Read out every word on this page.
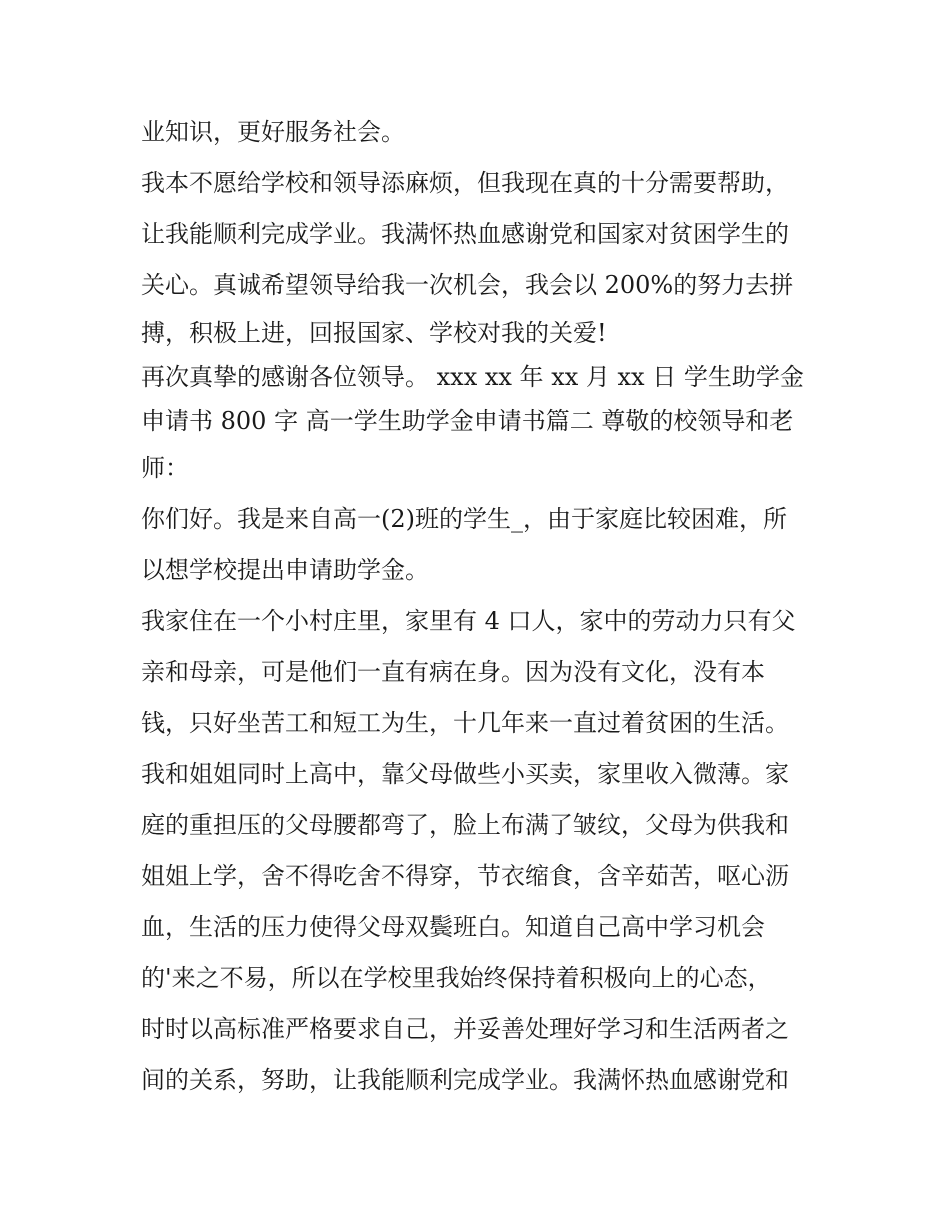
业知识，更好服务社会。
我本不愿给学校和领导添麻烦，但我现在真的十分需要帮助，
让我能顺利完成学业。我满怀热血感谢党和国家对贫困学生的
关心。真诚希望领导给我一次机会，我会以 200%的努力去拼
搏，积极上进，回报国家、学校对我的关爱!
再次真挚的感谢各位领导。 xxx xx 年 xx 月 xx 日 学生助学金
申请书 800 字 高一学生助学金申请书篇二 尊敬的校领导和老
师：
你们好。我是来自高一(2)班的学生_，由于家庭比较困难，所
以想学校提出申请助学金。
我家住在一个小村庄里，家里有 4 口人，家中的劳动力只有父
亲和母亲，可是他们一直有病在身。因为没有文化，没有本
钱，只好坐苦工和短工为生，十几年来一直过着贫困的生活。
我和姐姐同时上高中，靠父母做些小买卖，家里收入微薄。家
庭的重担压的父母腰都弯了，脸上布满了皱纹，父母为供我和
姐姐上学，舍不得吃舍不得穿，节衣缩食，含辛茹苦，呕心沥
血，生活的压力使得父母双鬓班白。知道自己高中学习机会
的'来之不易，所以在学校里我始终保持着积极向上的心态，
时时以高标准严格要求自己，并妥善处理好学习和生活两者之
间的关系，努助，让我能顺利完成学业。我满怀热血感谢党和
